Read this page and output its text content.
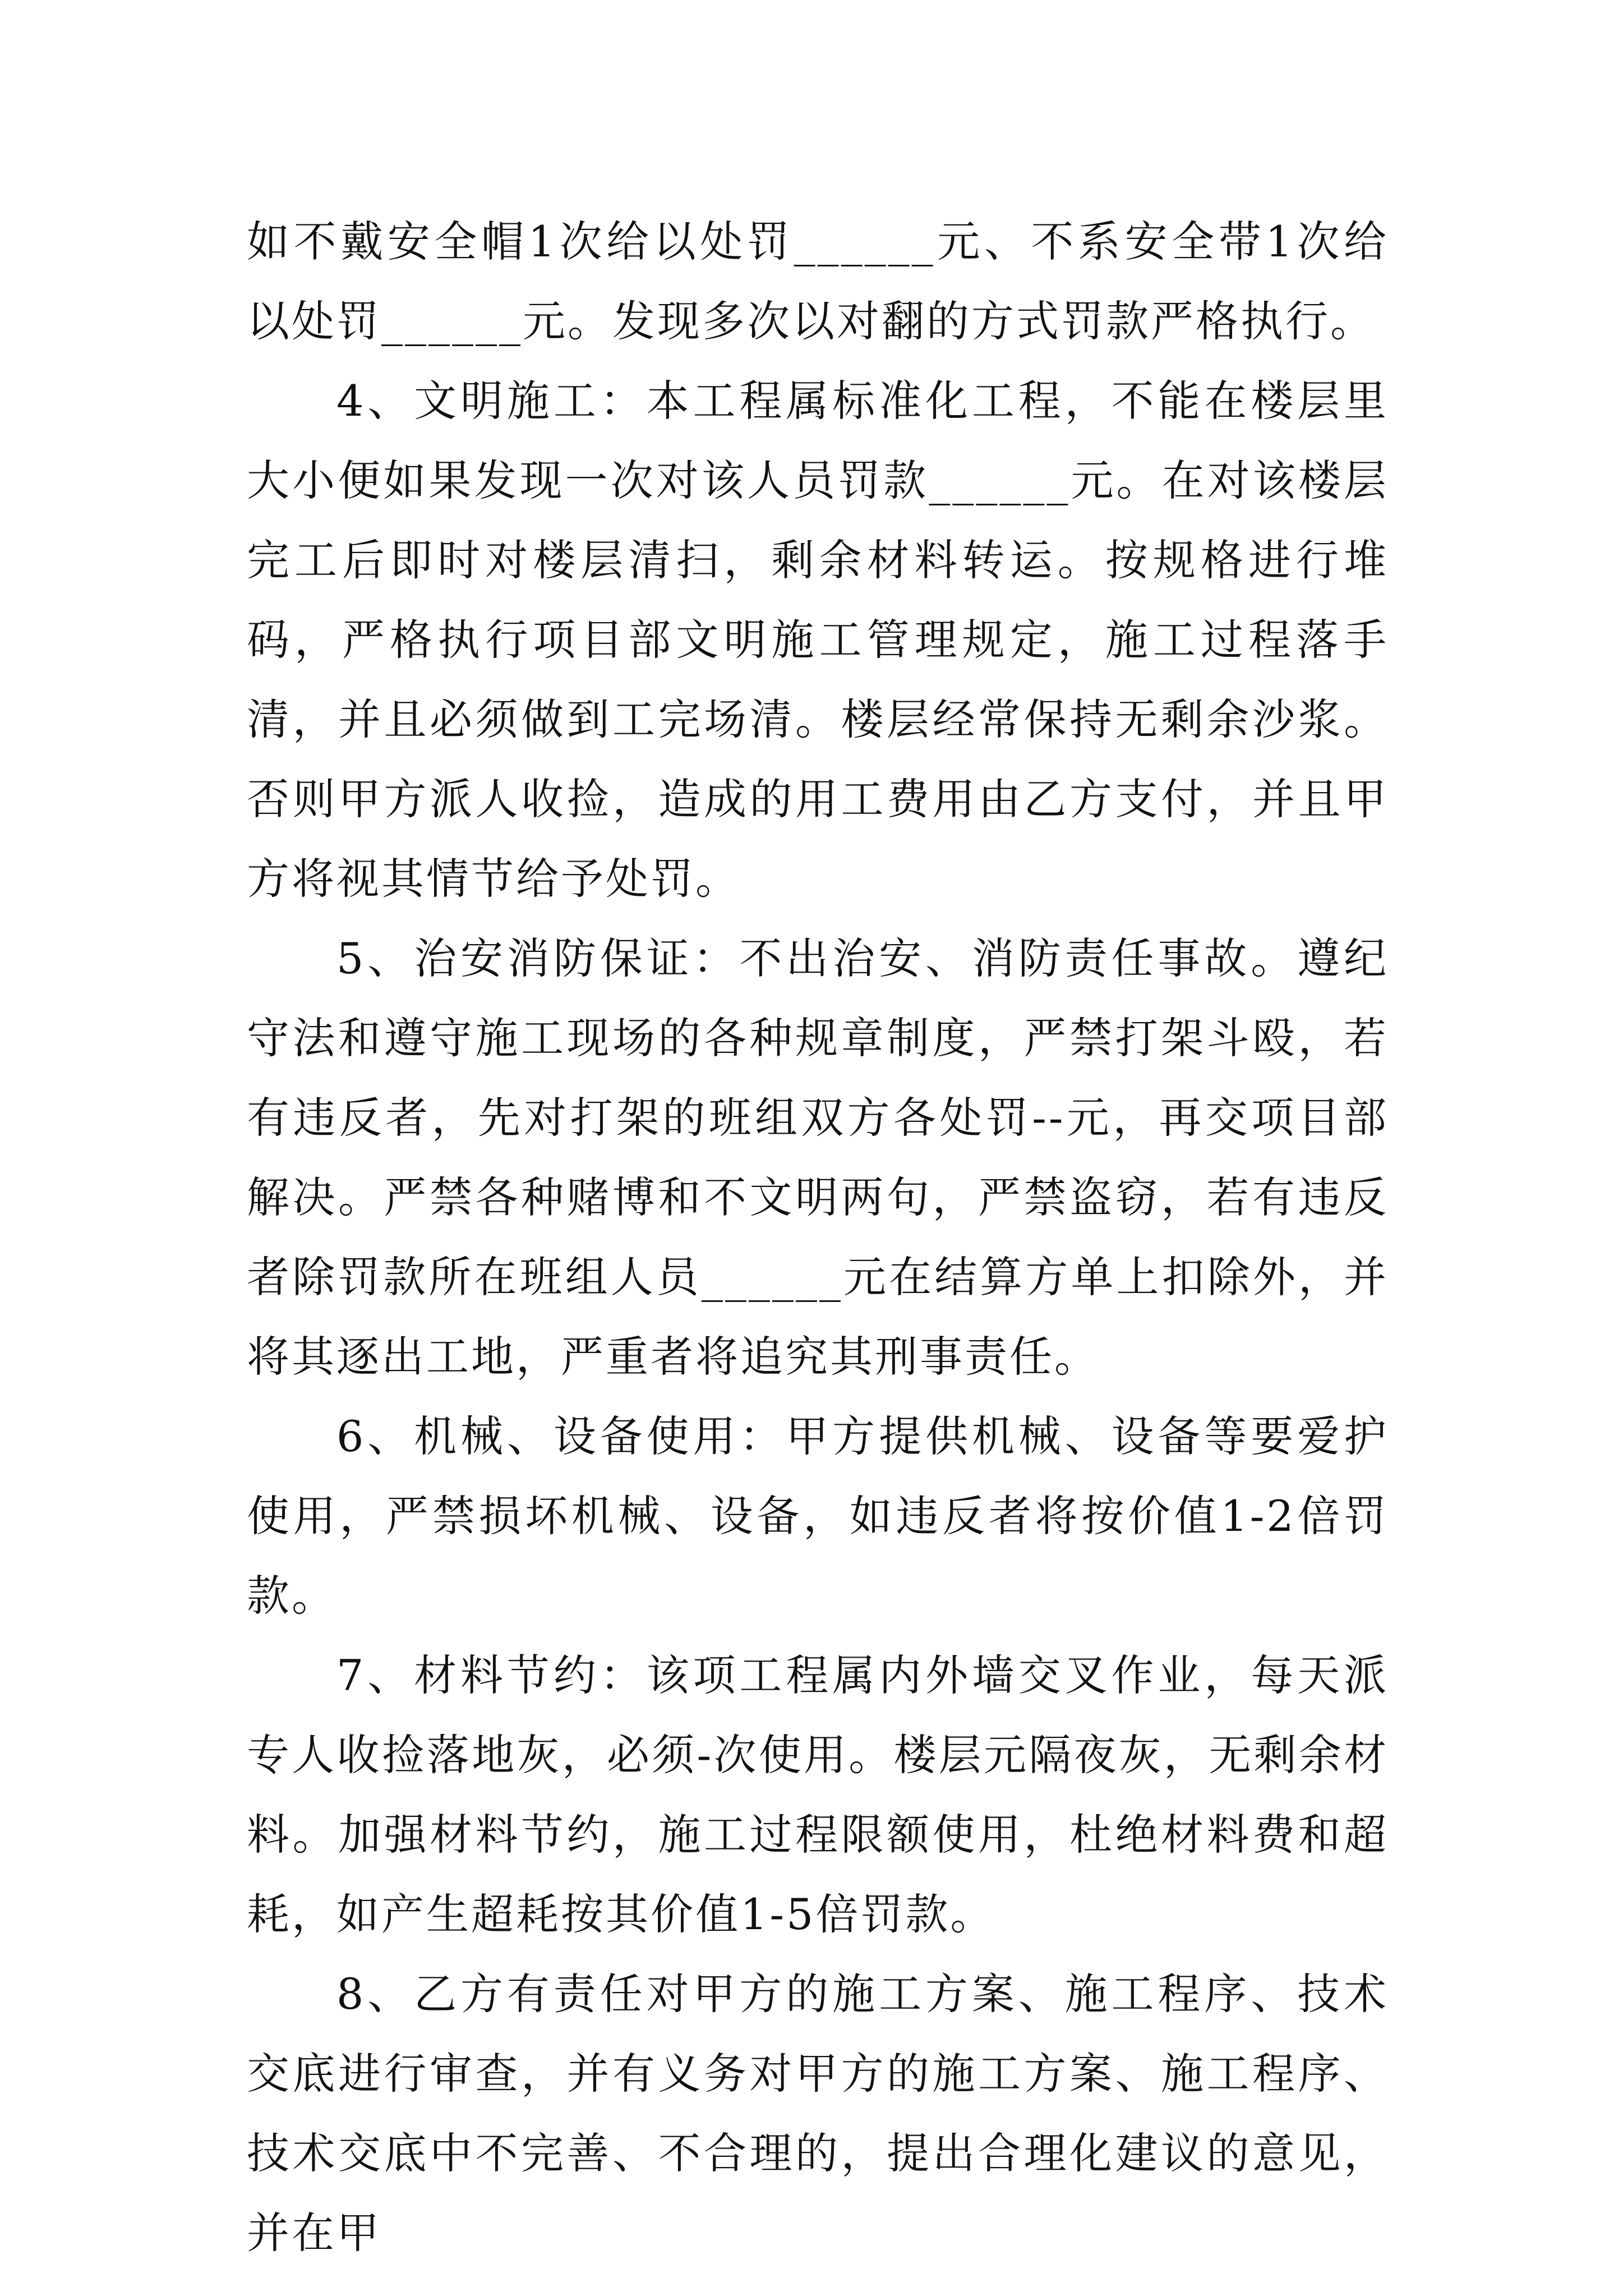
如不戴安全帽1次给以处罚______元、不系安全带1次给以处罚______元。发现多次以对翻的方式罚款严格执行。

4、文明施工：本工程属标准化工程，不能在楼层里大小便如果发现一次对该人员罚款______元。在对该楼层完工后即时对楼层清扫，剩余材料转运。按规格进行堆码，严格执行项目部文明施工管理规定，施工过程落手清，并且必须做到工完场清。楼层经常保持无剩余沙浆。否则甲方派人收捡，造成的用工费用由乙方支付，并且甲方将视其情节给予处罚。

5、治安消防保证：不出治安、消防责任事故。遵纪守法和遵守施工现场的各种规章制度，严禁打架斗殴，若有违反者，先对打架的班组双方各处罚--元，再交项目部解决。严禁各种赌博和不文明两句，严禁盗窃，若有违反者除罚款所在班组人员______元在结算方单上扣除外，并将其逐出工地，严重者将追究其刑事责任。

6、机械、设备使用：甲方提供机械、设备等要爱护使用，严禁损坏机械、设备，如违反者将按价值1-2倍罚款。

7、材料节约：该项工程属内外墙交叉作业，每天派专人收捡落地灰，必须-次使用。楼层元隔夜灰，无剩余材料。加强材料节约，施工过程限额使用，杜绝材料费和超耗，如产生超耗按其价值1-5倍罚款。

8、乙方有责任对甲方的施工方案、施工程序、技术交底进行审查，并有义务对甲方的施工方案、施工程序、技术交底中不完善、不合理的，提出合理化建议的意见，并在甲
